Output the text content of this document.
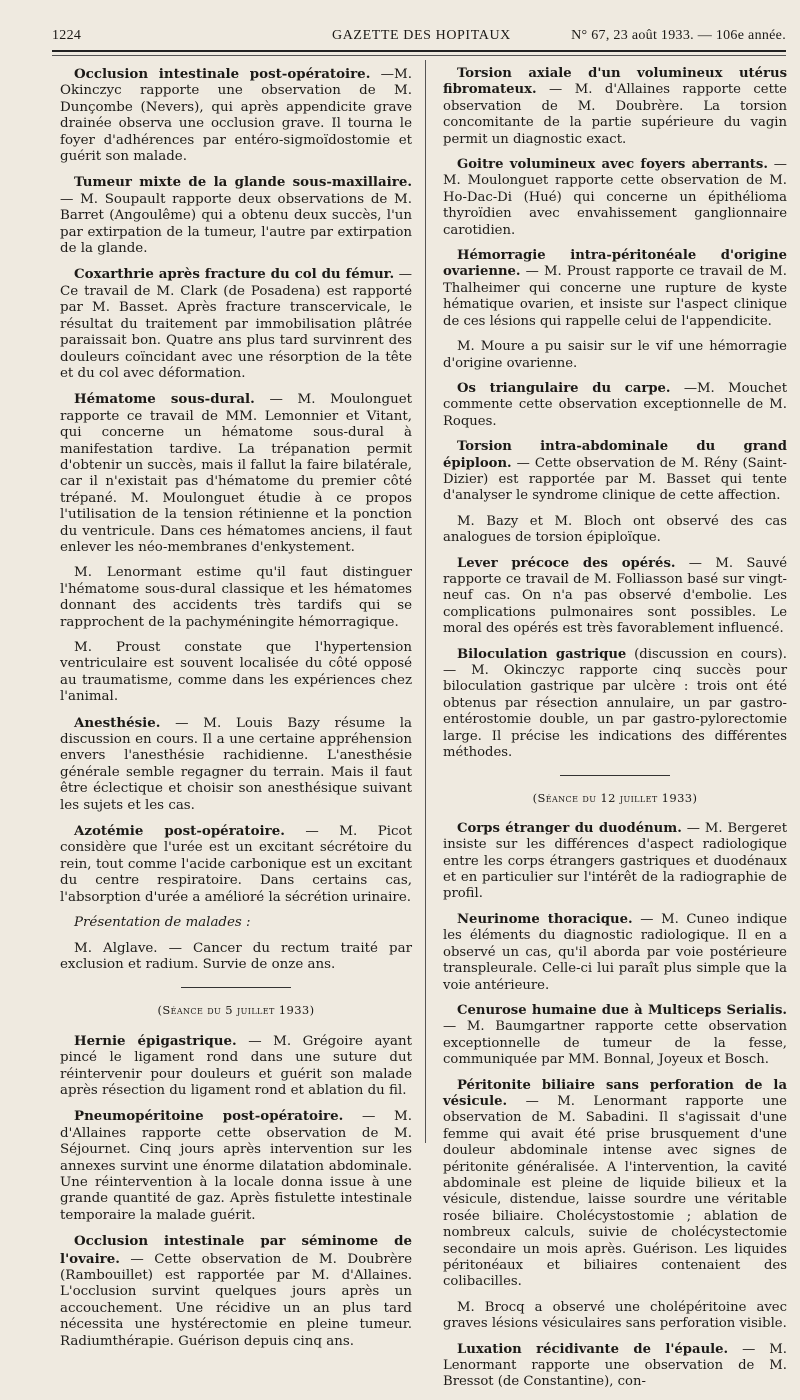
1224	GAZETTE DES HOPITAUX	N° 67, 23 août 1933. — 106e année.

Occlusion intestinale post-opératoire. —M. Okinczyc rapporte une observation de M. Dunçombe (Nevers), qui après appendicite grave drainée observa une occlusion grave. Il tourna le foyer d'adhérences par entéro-sigmoïdostomie et guérit son malade.

Tumeur mixte de la glande sous-maxillaire. — M. Soupault rapporte deux observations de M. Barret (Angoulême) qui a obtenu deux succès, l'un par extirpation de la tumeur, l'autre par extirpation de la glande.

Coxarthrie après fracture du col du fémur. — Ce travail de M. Clark (de Posadena) est rapporté par M. Basset. Après fracture transcervicale, le résultat du traitement par immobilisation plâtrée paraissait bon. Quatre ans plus tard survinrent des douleurs coïncidant avec une résorption de la tête et du col avec déformation.

Hématome sous-dural. — M. Moulonguet rapporte ce travail de MM. Lemonnier et Vitant, qui concerne un hématome sous-dural à manifestation tardive. La trépanation permit d'obtenir un succès, mais il fallut la faire bilatérale, car il n'existait pas d'hématome du premier côté trépané. M. Moulonguet étudie à ce propos l'utilisation de la tension rétinienne et la ponction du ventricule. Dans ces hématomes anciens, il faut enlever les néo-membranes d'enkystement.

M. Lenormant estime qu'il faut distinguer l'hématome sous-dural classique et les hématomes donnant des accidents très tardifs qui se rapprochent de la pachyméningite hémorragique.

M. Proust constate que l'hypertension ventriculaire est souvent localisée du côté opposé au traumatisme, comme dans les expériences chez l'animal.

Anesthésie. — M. Louis Bazy résume la discussion en cours. Il a une certaine appréhension envers l'anesthésie rachidienne. L'anesthésie générale semble regagner du terrain. Mais il faut être éclectique et choisir son anesthésique suivant les sujets et les cas.

Azotémie post-opératoire. — M. Picot considère que l'urée est un excitant sécrétoire du rein, tout comme l'acide carbonique est un excitant du centre respiratoire. Dans certains cas, l'absorption d'urée a amélioré la sécrétion urinaire.

Présentation de malades :

M. Alglave. — Cancer du rectum traité par exclusion et radium. Survie de onze ans.

(Séance du 5 juillet 1933)

Hernie épigastrique. — M. Grégoire ayant pincé le ligament rond dans une suture dut réintervenir pour douleurs et guérit son malade après résection du ligament rond et ablation du fil.

Pneumopéritoine post-opératoire. — M. d'Allaines rapporte cette observation de M. Séjournet. Cinq jours après intervention sur les annexes survint une énorme dilatation abdominale. Une réintervention à la locale donna issue à une grande quantité de gaz. Après fistulette intestinale temporaire la malade guérit.

Occlusion intestinale par séminome de l'ovaire. — Cette observation de M. Doubrère (Rambouillet) est rapportée par M. d'Allaines. L'occlusion survint quelques jours après un accouchement. Une récidive un an plus tard nécessita une hystérectomie en pleine tumeur. Radiumthérapie. Guérison depuis cinq ans.

Torsion axiale d'un volumineux utérus fibromateux. — M. d'Allaines rapporte cette observation de M. Doubrère. La torsion concomitante de la partie supérieure du vagin permit un diagnostic exact.

Goitre volumineux avec foyers aberrants. — M. Moulonguet rapporte cette observation de M. Ho-Dac-Di (Hué) qui concerne un épithélioma thyroïdien avec envahissement ganglionnaire carotidien.

Hémorragie intra-péritonéale d'origine ovarienne. — M. Proust rapporte ce travail de M. Thalheimer qui concerne une rupture de kyste hématique ovarien, et insiste sur l'aspect clinique de ces lésions qui rappelle celui de l'appendicite.

M. Moure a pu saisir sur le vif une hémorragie d'origine ovarienne.

Os triangulaire du carpe. —M. Mouchet commente cette observation exceptionnelle de M. Roques.

Torsion intra-abdominale du grand épiploon. — Cette observation de M. Rény (Saint-Dizier) est rapportée par M. Basset qui tente d'analyser le syndrome clinique de cette affection.

M. Bazy et M. Bloch ont observé des cas analogues de torsion épiploïque.

Lever précoce des opérés. — M. Sauvé rapporte ce travail de M. Folliasson basé sur vingt-neuf cas. On n'a pas observé d'embolie. Les complications pulmonaires sont possibles. Le moral des opérés est très favorablement influencé.

Biloculation gastrique (discussion en cours). — M. Okinczyc rapporte cinq succès pour biloculation gastrique par ulcère : trois ont été obtenus par résection annulaire, un par gastro-entérostomie double, un par gastro-pylorectomie large. Il précise les indications des différentes méthodes.

(Séance du 12 juillet 1933)

Corps étranger du duodénum. — M. Bergeret insiste sur les différences d'aspect radiologique entre les corps étrangers gastriques et duodénaux et en particulier sur l'intérêt de la radiographie de profil.

Neurinome thoracique. — M. Cuneo indique les éléments du diagnostic radiologique. Il en a observé un cas, qu'il aborda par voie postérieure transpleurale. Celle-ci lui paraît plus simple que la voie antérieure.

Cenurose humaine due à Multiceps Serialis. — M. Baumgartner rapporte cette observation exceptionnelle de tumeur de la fesse, communiquée par MM. Bonnal, Joyeux et Bosch.

Péritonite biliaire sans perforation de la vésicule. — M. Lenormant rapporte une observation de M. Sabadini. Il s'agissait d'une femme qui avait été prise brusquement d'une douleur abdominale intense avec signes de péritonite généralisée. A l'intervention, la cavité abdominale est pleine de liquide bilieux et la vésicule, distendue, laisse sourdre une véritable rosée biliaire. Cholécystostomie ; ablation de nombreux calculs, suivie de cholécystectomie secondaire un mois après. Guérison. Les liquides péritonéaux et biliaires contenaient des colibacilles.

M. Brocq a observé une cholépéritoine avec graves lésions vésiculaires sans perforation visible.

Luxation récidivante de l'épaule. — M. Lenormant rapporte une observation de M. Bressot (de Constantine), con-
